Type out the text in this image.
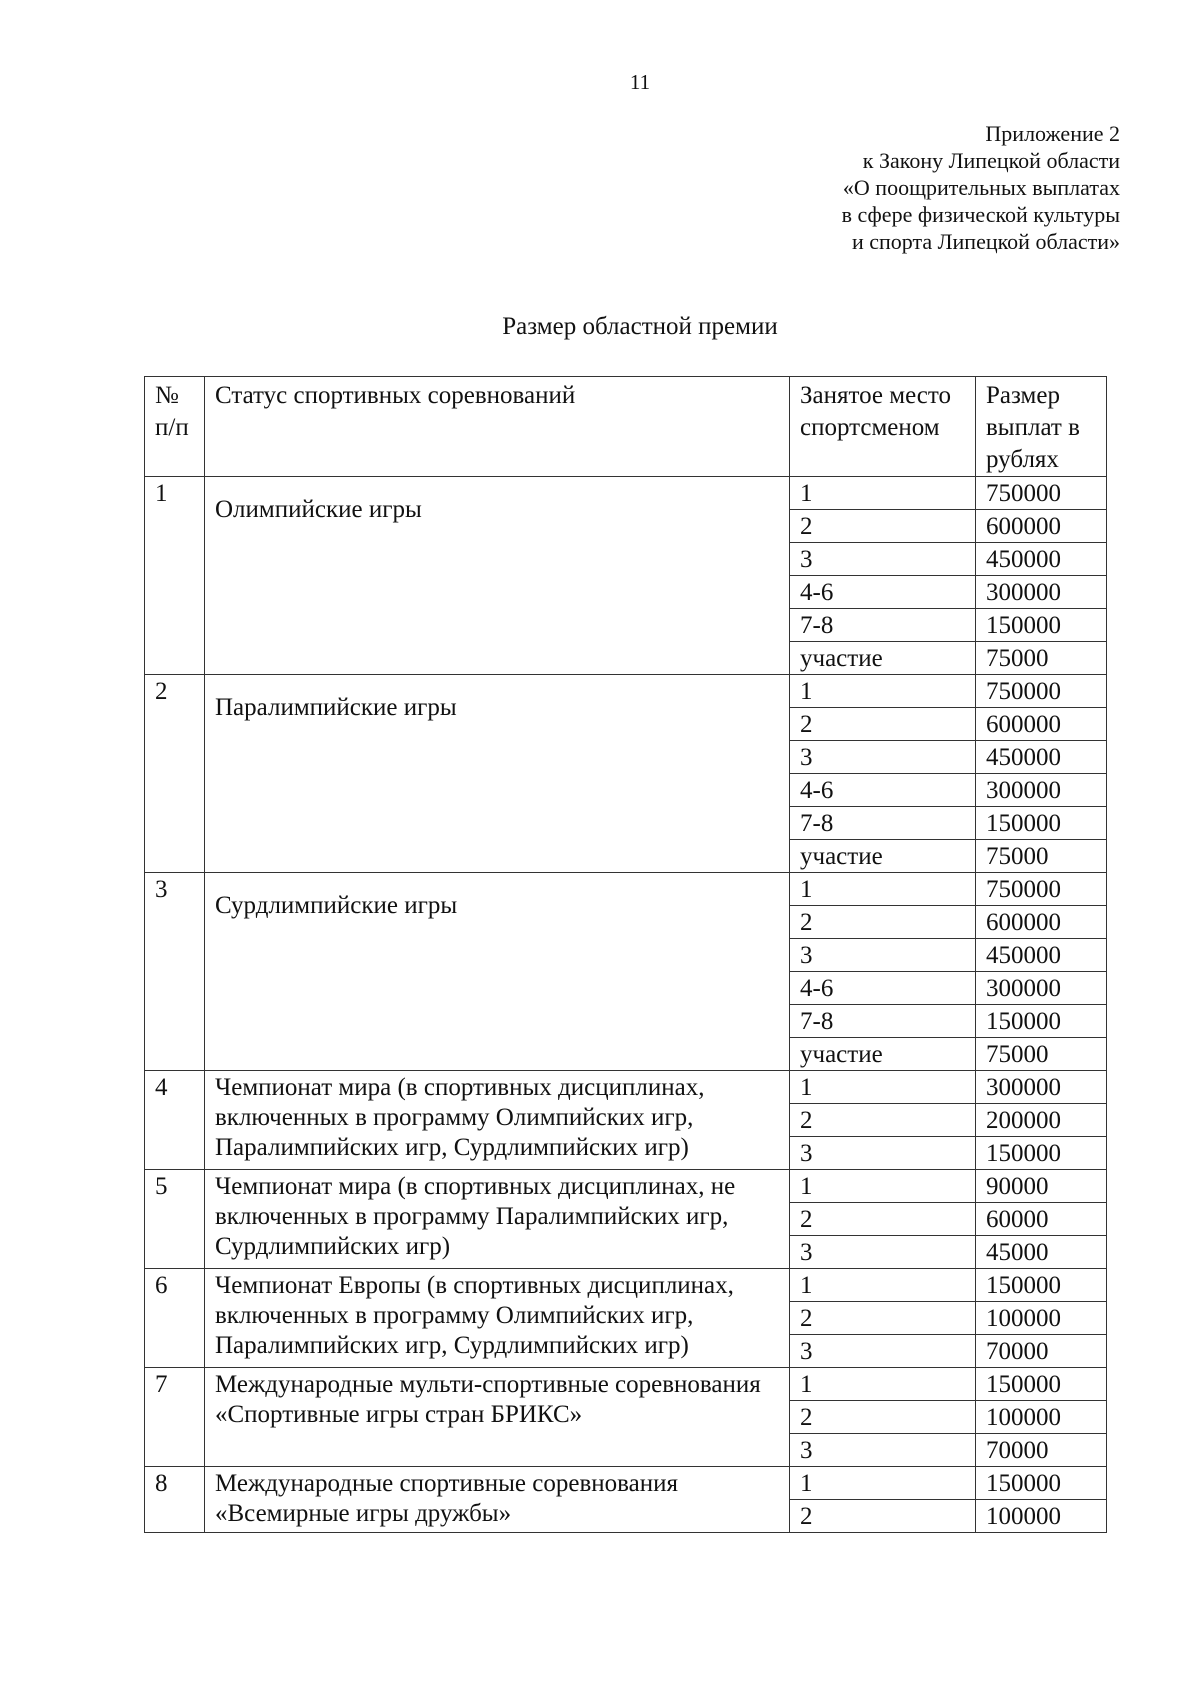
11
Приложение 2
к Закону Липецкой области
«О поощрительных выплатах
в сфере физической культуры
и спорта Липецкой области»
Размер областной премии
№ п/п	Статус спортивных соревнований	Занятое место спортсменом	Размер выплат в рублях
1	Олимпийские игры	1	750000
		2	600000
		3	450000
		4-6	300000
		7-8	150000
		участие	75000
2	Паралимпийские игры	1	750000
		2	600000
		3	450000
		4-6	300000
		7-8	150000
		участие	75000
3	Сурдлимпийские игры	1	750000
		2	600000
		3	450000
		4-6	300000
		7-8	150000
		участие	75000
4	Чемпионат мира (в спортивных дисциплинах, включенных в программу Олимпийских игр, Паралимпийских игр, Сурдлимпийских игр)	1	300000
		2	200000
		3	150000
5	Чемпионат мира (в спортивных дисциплинах, не включенных в программу Паралимпийских игр, Сурдлимпийских игр)	1	90000
		2	60000
		3	45000
6	Чемпионат Европы (в спортивных дисциплинах, включенных в программу Олимпийских игр, Паралимпийских игр, Сурдлимпийских игр)	1	150000
		2	100000
		3	70000
7	Международные мульти-спортивные соревнования «Спортивные игры стран БРИКС»	1	150000
		2	100000
		3	70000
8	Международные спортивные соревнования «Всемирные игры дружбы»	1	150000
		2	100000
